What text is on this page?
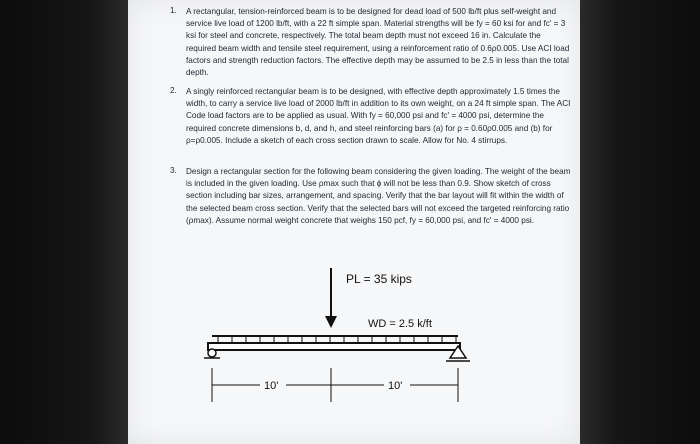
1. A rectangular, tension-reinforced beam is to be designed for dead load of 500 lb/ft plus self-weight and service live load of 1200 lb/ft, with a 22 ft simple span. Material strengths will be fy = 60 ksi for and fc' = 3 ksi for steel and concrete, respectively. The total beam depth must not exceed 16 in. Calculate the required beam width and tensile steel requirement, using a reinforcement ratio of 0.6ρ0.005. Use ACI load factors and strength reduction factors. The effective depth may be assumed to be 2.5 in less than the total depth.
2. A singly reinforced rectangular beam is to be designed, with effective depth approximately 1.5 times the width, to carry a service live load of 2000 lb/ft in addition to its own weight, on a 24 ft simple span. The ACI Code load factors are to be applied as usual. With fy = 60,000 psi and fc' = 4000 psi, determine the required concrete dimensions b, d, and h, and steel reinforcing bars (a) for ρ = 0.60ρ0.005 and (b) for ρ=ρ0.005. Include a sketch of each cross section drawn to scale. Allow for No. 4 stirrups.
3. Design a rectangular section for the following beam considering the given loading. The weight of the beam is included in the given loading. Use ρmax such that ϕ will not be less than 0.9. Show sketch of cross section including bar sizes, arrangement, and spacing. Verify that the bar layout will fit within the width of the selected beam cross section. Verify that the selected bars will not exceed the targeted reinforcing ratio (ρmax). Assume normal weight concrete that weighs 150 pcf, fy = 60,000 psi, and fc' = 4000 psi.
PL = 35 kips
WD = 2.5 k/ft
10'	10'
